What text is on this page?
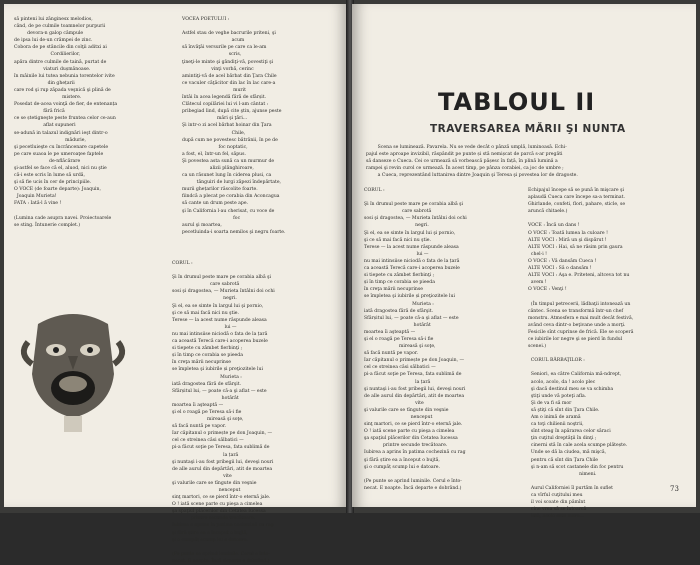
să pinteni lui zănginesx melodios,
când, de pe culmile toamnelor purpurii
devora-n galop câmpule
de ipsa lui de-un crâmpei de zinc.
Cobora de pe stâncile din colţii aditxi ai
Cordilierilor,
apăra dintre culmile de taină, purtat de
viaturi dușmănoase.
în mâinile lui tutea nebunia torentelor ivite
din ghețarii
care rod şi rup zăpada veşnică şi plină de
mistere.
Posedat de-acea voinţă de fier, de entenanța
fără frică
ce se ștetigneşte peste fruntea celor ce-aun
aflat supuneri
se-adună in talazul indignări ieşt dintr-o
mâdurie,
şi pecetluieşte cu încrâncenare capetele
pe care suaoa le pe umeroaţee faptele
de-nflăcărare
şi-astfel se face că el, aluod, nici nu ştie
că-i este scris în lume să urdă,
şi să fie ucis în cer de principiile.
O VOCE (de foarte departe): Joaquin,
Joaquin Murieta!
FATA : Iată-l ă vine !

(Lumina cade asupra navei. Proiectoarele
se sting. Întunerie complet.)
VOCEA POETULUI :

Astfel stau de veghe bacrurile priteni, şi
acum
să învăţăi versurile pe care ca le-am
scris,
ţineţi-le minte şi gândiţi-vă, povestiţi şi
vinţi vorbă, cerinc
amintiţi-vă de acel bărbat din Ţara Chile
ce vaculer căţăcitor din lac în lac care-a
murit
întâi în acea legendă fără de sfârșit.
Clătecul copilăriei lui vi l-am cântat :
pribegiad lind, după cite ştin, ajunse peste
mări şi ţări...
Şi intr-o zi acel bărbat hoinar din Ţara
Chile,
după cum ne povestesc bătrânii, în pe de
foc noptatic,
a fost, el, într-un fel, săpus.
Şi povestea asta sună ca un murmur de
alizii plânghiroare,
ca un răsunet lung în ciderea plusi, ca
tânguiri de lurgi zăpezi îndepărtate,
murii ghețarilor răscolite foarte.
fiindcă a plecat pe corabia din Aconcagua
să cante un drum peste ape.
şi în California l-au cherisat, cu voce de
foc
aurul şi moartea,
pecetluinda-i soarta nemilos şi negru foarte.
CORUL :

Şi în drumul peste mare pe corabia albă şi
care sabrotă
sosi şi dragostea, — Murieta întâlni doi ochi
negri.
Şi el, ea se simte în largul lui şi pornio,
şi ce să mai facă nici nu ştie.
Terese — la acest nume răspunde aleasa
lui —
nu mai intinsiise niciodă o fata de la țară
ca această Terecă care-i acoperea buzele
si tiepete cu zâmbet fierbinţi ;
și în timp ce corabia se pieeda
în creţa mării necuprinse
se împletea şi iubirile și preţiozitele lui
Murieta :
iată dragostea fără de sfârşit.
Sfârșitul lui, — poate că-a şi aflat — este
hotărât
moartea îi aşteaptă —
şi el o roagă pe Teresa să-i fie
mireasă şi soţe,
să facă nuntă pe vapor.
Iar căpitanul o primește pe don Joaquin, —
cel ce streinea căsi sălbatici —
pi-a făcut soţie pe Teresa, fata sublimă de
la țară
şi nuntaşi i-au fost pribegii lui, deveşi nouri
de alle aurul din depărtări, atit de moartea
vite
şi valurile care se tîngute din veşnie
nenceput
sinţ martori, ce se pierd într-o eternă jale.
O ! iată scene parte cu pieşa a cimelea
şa spaţiul plăcerilor din Cetatea Iucessa
printre secunde trecătoare.
Iubirea a aprins în patima cochezină cu rag
şi fără știre ea a început o bujtă,
şi o cumpăț scump lui e datoare.

(Pe punte se aprind luminile. Cerul e înto-
necat. E noapte. Încă departe e dobrând.)
TABLOUL II
TRAVERSAREA MĂRII ŞI NUNTA
Scena se luminează. Pavarela. Nu se vede decât o pânză umplă, luminoasă. Echi-
pajul este aproape invizibil, răspândit pe punte și stă nemișcat de parcă s-ar pregăti
să danseze o Cueca. Cei ce urmează să vorbească pășesc în față, în plină lumină a
rampei şi revin curol ce urmează. În acest timp, pe pânza corabiei, ca joc de umbre ;
a Cueca, reprezentând luttanirea dintre Joaquin şi Teresa şi povestea lor de dragoste.
CORUL :

Şi în drumul peste mare pe corabia albă şi
care sabrotă
sosi şi dragostea, — Murieta întâlni doi ochi
negri.
Şi el, ea se simte în largul lui şi pornio,
şi ce să mai facă nici nu ştie.
Terese — la acest nume răspunde aleasa
lui —
nu mai intinsiise niciodă o fata de la țară
ca această Terecă care-i acoperea buzele
si tiepete cu zâmbet fierbinţi ;
și în timp ce corabia se pieeda
în creţa mării necuprinse
se împletea şi iubirile și preţiozitele lui
Murieta :
iată dragostea fără de sfârşit.
Sfârșitul lui, — poate că-a şi aflat — este
hotărât
moartea îi aşteaptă —
şi el o roagă pe Teresa să-i fie
mireasă şi soţe,
să facă nuntă pe vapor.
Iar căpitanul o primește pe don Joaquin, —
cel ce streinea căsi sălbatici —
pi-a făcut soţie pe Teresa, fata sublimă de
la țară
şi nuntaşi i-au fost pribegii lui, deveşi nouri
de alle aurul din depărtări, atit de moartea
vite
şi valurile care se tîngute din veşnie
nenceput
sinţ martori, ce se pierd într-o eternă jale.
O ! iată scene parte cu pieşa a cimelea
şa spaţiul plăcerilor din Cetatea Iucessa
printre secunde trecătoare.
Iubirea a aprins în patima cochezină cu rag
şi fără știre ea a început o bujtă,
şi o cumpăț scump lui e datoare.

(Pe punte se aprind luminile. Cerul e înto-
necat. E noapte. Încă departe e dobrând.)
Echipajul începe să se pună în mişcare şi
aplaudă Cueca care începe sa-a terminat.
Ghirlande, confeti, flori, pahare, sticle, se
aruncă chitaele.)

VOCE : Încă un dans !
O VOCE : Toată lumea la culoare !
ALTE VOCI : Miră un şi dispărut !
ALTE VOCI : Hai, să ne răsim prin gaura
chel-i !
O VOCE : Vă dansăm Cueca !
ALTE VOCI : Să o dansăm !
ALTE VOCI : Aşa e. Priteteni, altceva tot nu
avem !
O VOCE : Venţi !

(În timpul petrecerii, lădbaţii intonează un
cântec. Scena se transformă într-un chef
monstru. Atmosfera e mai mult decât festivă,
având ceva dintr-o beţivane unde a morţi.
Fesicile sînt cuprinse de frică. Ele se scoperă
ce iubirile lor negre şi se pierd în fundul
scenei.)

CORUL BĂRBAŢILOR :

Seniori, ea câtre California mă-ndrept,
acolo, acolo, da ! acolo plec
şi dacă destinul meu se va schimba
ştiţi unde vă poteţi afla.
Şi de va fi să mor
să ştiţi că sînt din Ţara Chile.
Am o inimă de aramă
ca toţi chilienii noştrii,
sînt steag în apărarea celor săraci
ţin cuţitul dreptăţii în dinţi ;
cinerni stă în cale acela scumpe plătește.
Unde se dă la ciudea, mă mişcă,
pentru că sînt din Ţara Chile
şi n-am să scot castanele din foc pentru
nimeni.

Aurul Californiei îl purtăm în suflet
ca vîrful cuţitului meu
il voi scoate din pămînt
cine vrea să se întoarcă
iată, acolo este mare...
73
